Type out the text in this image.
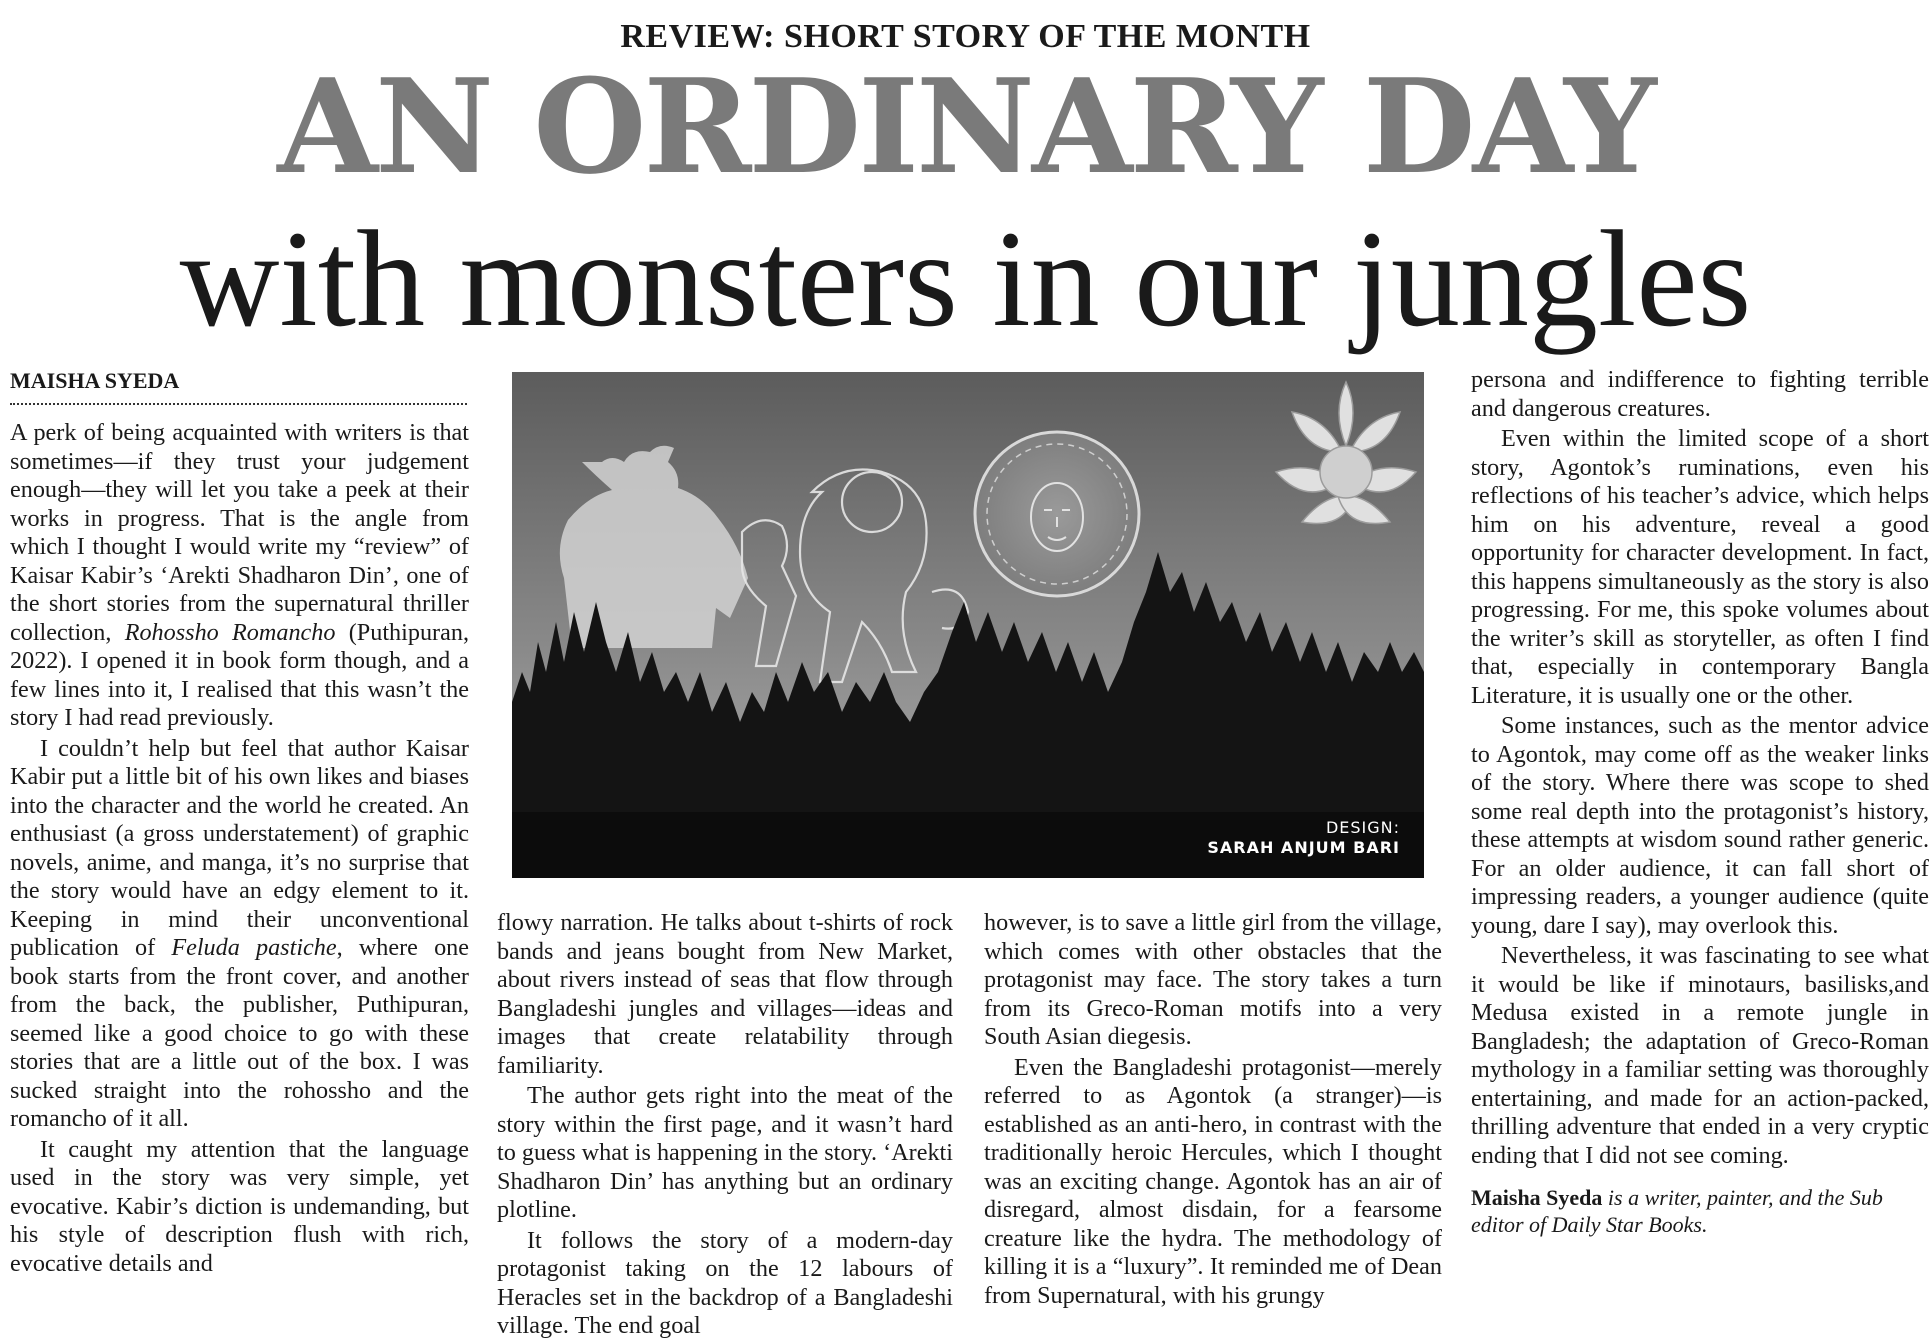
REVIEW: SHORT STORY OF THE MONTH
AN ORDINARY DAY
with monsters in our jungles
MAISHA SYEDA

A perk of being acquainted with writers is that sometimes—if they trust your judgement enough—they will let you take a peek at their works in progress. That is the angle from which I thought I would write my “review” of Kaisar Kabir’s ‘Arekti Shadharon Din’, one of the short stories from the supernatural thriller collection, Rohossho Romancho (Puthipuran, 2022). I opened it in book form though, and a few lines into it, I realised that this wasn’t the story I had read previously.

I couldn’t help but feel that author Kaisar Kabir put a little bit of his own likes and biases into the character and the world he created. An enthusiast (a gross understatement) of graphic novels, anime, and manga, it’s no surprise that the story would have an edgy element to it. Keeping in mind their unconventional publication of Feluda pastiche, where one book starts from the front cover, and another from the back, the publisher, Puthipuran, seemed like a good choice to go with these stories that are a little out of the box. I was sucked straight into the rohossho and the romancho of it all.

It caught my attention that the language used in the story was very simple, yet evocative. Kabir’s diction is undemanding, but his style of description flush with rich, evocative details and

DESIGN:
SARAH ANJUM BARI

flowy narration. He talks about t-shirts of rock bands and jeans bought from New Market, about rivers instead of seas that flow through Bangladeshi jungles and villages—ideas and images that create relatability through familiarity.

The author gets right into the meat of the story within the first page, and it wasn’t hard to guess what is happening in the story. ‘Arekti Shadharon Din’ has anything but an ordinary plotline.

It follows the story of a modern-day protagonist taking on the 12 labours of Heracles set in the backdrop of a Bangladeshi village. The end goal

however, is to save a little girl from the village, which comes with other obstacles that the protagonist may face. The story takes a turn from its Greco-Roman motifs into a very South Asian diegesis.

Even the Bangladeshi protagonist—merely referred to as Agontok (a stranger)—is established as an anti-hero, in contrast with the traditionally heroic Hercules, which I thought was an exciting change. Agontok has an air of disregard, almost disdain, for a fearsome creature like the hydra. The methodology of killing it is a “luxury”. It reminded me of Dean from Supernatural, with his grungy

persona and indifference to fighting terrible and dangerous creatures.

Even within the limited scope of a short story, Agontok’s ruminations, even his reflections of his teacher’s advice, which helps him on his adventure, reveal a good opportunity for character development. In fact, this happens simultaneously as the story is also progressing. For me, this spoke volumes about the writer’s skill as storyteller, as often I find that, especially in contemporary Bangla Literature, it is usually one or the other.

Some instances, such as the mentor advice to Agontok, may come off as the weaker links of the story. Where there was scope to shed some real depth into the protagonist’s history, these attempts at wisdom sound rather generic. For an older audience, it can fall short of impressing readers, a younger audience (quite young, dare I say), may overlook this.

Nevertheless, it was fascinating to see what it would be like if minotaurs, basilisks,and Medusa existed in a remote jungle in Bangladesh; the adaptation of Greco-Roman mythology in a familiar setting was thoroughly entertaining, and made for an action-packed, thrilling adventure that ended in a very cryptic ending that I did not see coming.

Maisha Syeda is a writer, painter, and the Sub editor of Daily Star Books.
